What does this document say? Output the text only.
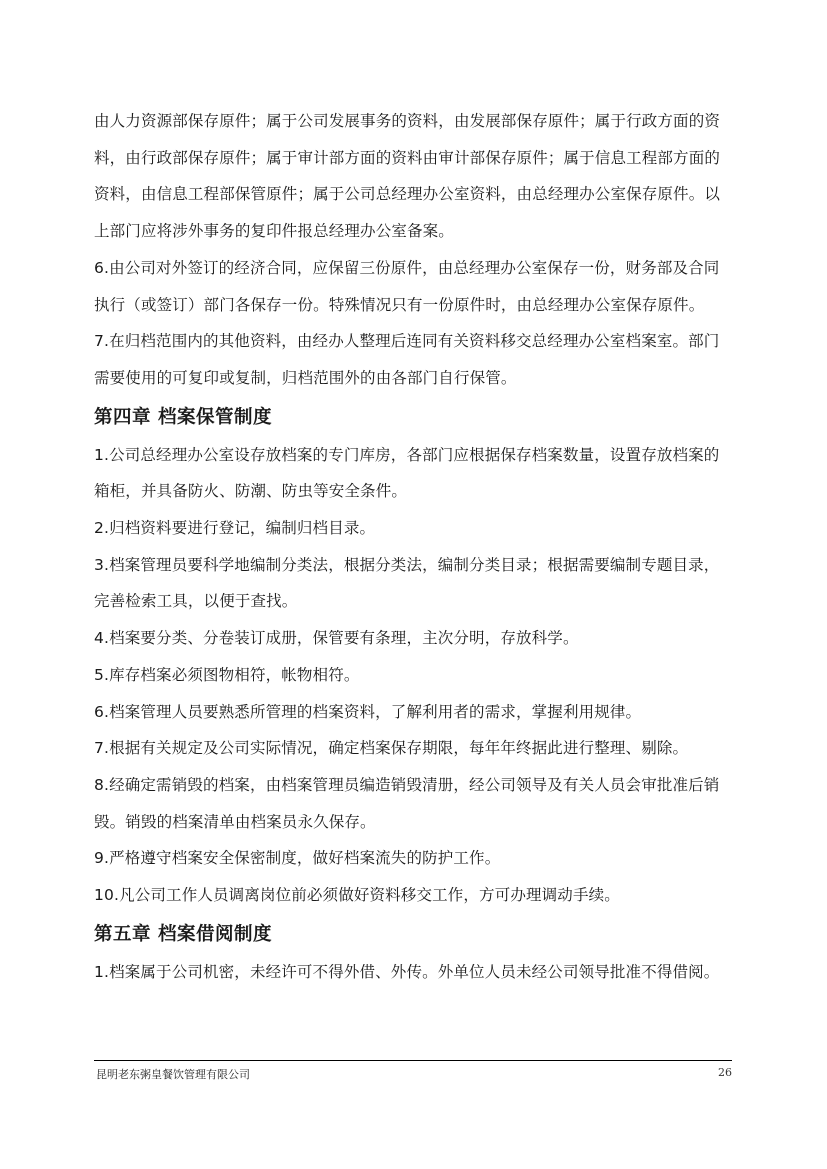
由人力资源部保存原件；属于公司发展事务的资料，由发展部保存原件；属于行政方面的资料，由行政部保存原件；属于审计部方面的资料由审计部保存原件；属于信息工程部方面的资料，由信息工程部保管原件；属于公司总经理办公室资料，由总经理办公室保存原件。以上部门应将涉外事务的复印件报总经理办公室备案。

6.由公司对外签订的经济合同，应保留三份原件，由总经理办公室保存一份，财务部及合同执行（或签订）部门各保存一份。特殊情况只有一份原件时，由总经理办公室保存原件。

7.在归档范围内的其他资料，由经办人整理后连同有关资料移交总经理办公室档案室。部门需要使用的可复印或复制，归档范围外的由各部门自行保管。

第四章 档案保管制度

1.公司总经理办公室设存放档案的专门库房，各部门应根据保存档案数量，设置存放档案的箱柜，并具备防火、防潮、防虫等安全条件。

2.归档资料要进行登记，编制归档目录。

3.档案管理员要科学地编制分类法，根据分类法，编制分类目录；根据需要编制专题目录，完善检索工具，以便于查找。

4.档案要分类、分卷装订成册，保管要有条理，主次分明，存放科学。

5.库存档案必须图物相符，帐物相符。

6.档案管理人员要熟悉所管理的档案资料，了解利用者的需求，掌握利用规律。

7.根据有关规定及公司实际情况，确定档案保存期限，每年年终据此进行整理、剔除。

8.经确定需销毁的档案，由档案管理员编造销毁清册，经公司领导及有关人员会审批准后销毁。销毁的档案清单由档案员永久保存。

9.严格遵守档案安全保密制度，做好档案流失的防护工作。

10.凡公司工作人员调离岗位前必须做好资料移交工作，方可办理调动手续。

第五章 档案借阅制度

1.档案属于公司机密，未经许可不得外借、外传。外单位人员未经公司领导批准不得借阅。

昆明老东粥皇餐饮管理有限公司	26
